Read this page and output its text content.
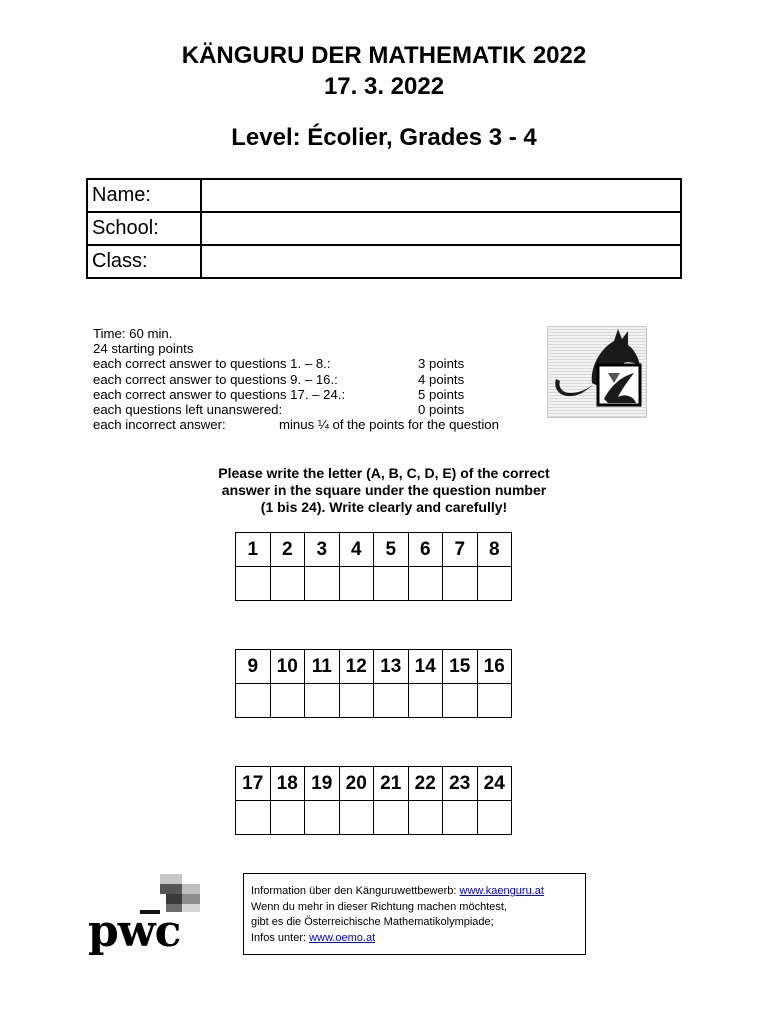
KÄNGURU DER MATHEMATIK 2022
17. 3. 2022
Level: Écolier, Grades 3 - 4
Name:	
School:	
Class:	
Time: 60 min.
24 starting points
each correct answer to questions 1. – 8.:	3 points
each correct answer to questions 9. – 16.:	4 points
each correct answer to questions 17. – 24.:	5 points
each questions left unanswered:	0 points
each incorrect answer:	minus ¼ of the points for the question
Please write the letter (A, B, C, D, E) of the correct
answer in the square under the question number
(1 bis 24). Write clearly and carefully!
1	2	3	4	5	6	7	8

9	10	11	12	13	14	15	16

17	18	19	20	21	22	23	24

pwc
Information über den Känguruwettbewerb: www.kaenguru.at
Wenn du mehr in dieser Richtung machen möchtest,
gibt es die Österreichische Mathematikolympiade;
Infos unter: www.oemo.at
